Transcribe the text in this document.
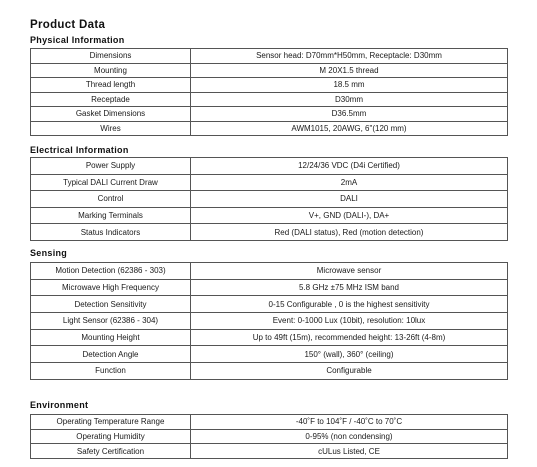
Product Data
Physical Information
Dimensions	Sensor head: D70mm*H50mm, Receptacle: D30mm
Mounting	M 20X1.5 thread
Thread length	18.5 mm
Receptade	D30mm
Gasket Dimensions	D36.5mm
Wires	AWM1015, 20AWG, 6"(120 mm)
Electrical Information
Power Supply	12/24/36 VDC (D4i Certified)
Typical DALI Current Draw	2mA
Control	DALI
Marking Terminals	V+, GND (DALI-), DA+
Status Indicators	Red (DALI status), Red (motion detection)
Sensing
Motion Detection (62386 - 303)	Microwave sensor
Microwave High Frequency	5.8 GHz ±75 MHz ISM band
Detection Sensitivity	0-15 Configurable , 0 is the highest sensitivity
Light Sensor (62386 - 304)	Event: 0-1000 Lux (10bit), resolution: 10lux
Mounting Height	Up to 49ft (15m), recommended height: 13-26ft (4-8m)
Detection Angle	150° (wall), 360° (ceiling)
Function	Configurable
Environment
Operating Temperature Range	-40˚F to 104˚F / -40˚C to 70˚C
Operating Humidity	0-95% (non condensing)
Safety Certification	cULus Listed, CE
